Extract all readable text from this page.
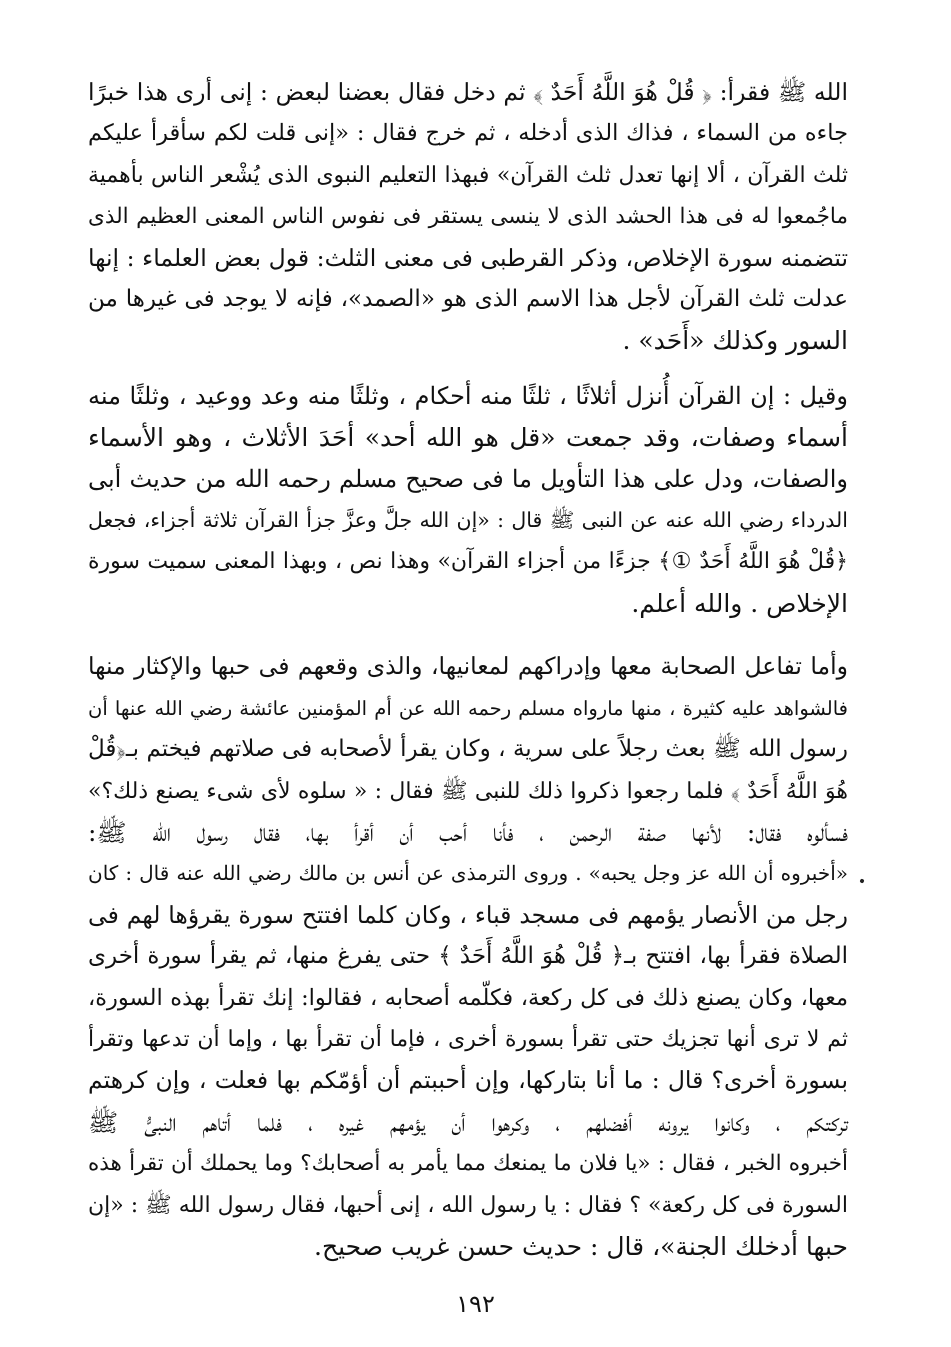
الله ﷺ فقرأ: ﴿ قُلْ هُوَ اللَّهُ أَحَدٌ ﴾ ثم دخل فقال بعضنا لبعض : إنى أرى هذا خبرًا
جاءه من السماء ، فذاك الذى أدخله ، ثم خرج فقال : «إنى قلت لكم سأقرأ عليكم
ثلث القرآن ، ألا إنها تعدل ثلث القرآن» فبهذا التعليم النبوى الذى يُشْعر الناس بأهمية
ماجُمعوا له فى هذا الحشد الذى لا ينسى يستقر فى نفوس الناس المعنى العظيم الذى
تتضمنه سورة الإخلاص، وذكر القرطبى فى معنى الثلث: قول بعض العلماء : إنها
عدلت ثلث القرآن لأجل هذا الاسم الذى هو «الصمد»، فإنه لا يوجد فى غيرها من
السور وكذلك «أَحَد» .

وقيل : إن القرآن أُنزل أثلاثًا ، ثلثًا منه أحكام ، وثلثًا منه وعد ووعيد ، وثلثًا منه
أسماء وصفات، وقد جمعت «قل هو الله أحد» أحَدَ الأثلاث ، وهو الأسماء
والصفات، ودل على هذا التأويل ما فى صحيح مسلم رحمه الله من حديث أبى
الدرداء رضي الله عنه عن النبى ﷺ قال : «إن الله جلَّ وعزَّ جزأ القرآن ثلاثة أجزاء، فجعل
﴿قُلْ هُوَ اللَّهُ أَحَدٌ ①﴾ جزءًا من أجزاء القرآن» وهذا نص ، وبهذا المعنى سميت سورة
الإخلاص . والله أعلم.

وأما تفاعل الصحابة معها وإدراكهم لمعانيها، والذى وقعهم فى حبها والإكثار منها
فالشواهد عليه كثيرة ، منها مارواه مسلم رحمه الله عن أم المؤمنين عائشة رضي الله عنها أن
رسول الله ﷺ بعث رجلاً على سرية ، وكان يقرأ لأصحابه فى صلاتهم فيختم بـ﴿قُلْ
هُوَ اللَّهُ أَحَدٌ ﴾ فلما رجعوا ذكروا ذلك للنبى ﷺ فقال : « سلوه لأى شىء يصنع ذلك؟»
فسألوه فقال: لأنها صفة الرحمن ، فأنا أحب أن أقرأ بها، فقال رسول الله ﷺ:
«أخبروه أن الله عز وجل يحبه» . وروى الترمذى عن أنس بن مالك رضي الله عنه قال : كان
رجل من الأنصار يؤمهم فى مسجد قباء ، وكان كلما افتتح سورة يقرؤها لهم فى
الصلاة فقرأ بها، افتتح بـ﴿ قُلْ هُوَ اللَّهُ أَحَدٌ ﴾ حتى يفرغ منها، ثم يقرأ سورة أخرى
معها، وكان يصنع ذلك فى كل ركعة، فكلّمه أصحابه ، فقالوا: إنك تقرأ بهذه السورة،
ثم لا ترى أنها تجزيك حتى تقرأ بسورة أخرى ، فإما أن تقرأ بها ، وإما أن تدعها وتقرأ
بسورة أخرى؟ قال : ما أنا بتاركها، وإن أحببتم أن أؤمّكم بها فعلت ، وإن كرهتم
تركتكم ، وكانوا يرونه أفضلهم ، وكرهوا أن يؤمهم غيره ، فلما أتاهم النبىُّ ﷺ
أخبروه الخبر ، فقال : «يا فلان ما يمنعك مما يأمر به أصحابك؟ وما يحملك أن تقرأ هذه
السورة فى كل ركعة» ؟ فقال : يا رسول الله ، إنى أحبها، فقال رسول الله ﷺ : «إن
حبها أدخلك الجنة»، قال : حديث حسن غريب صحيح.

١٩٢
